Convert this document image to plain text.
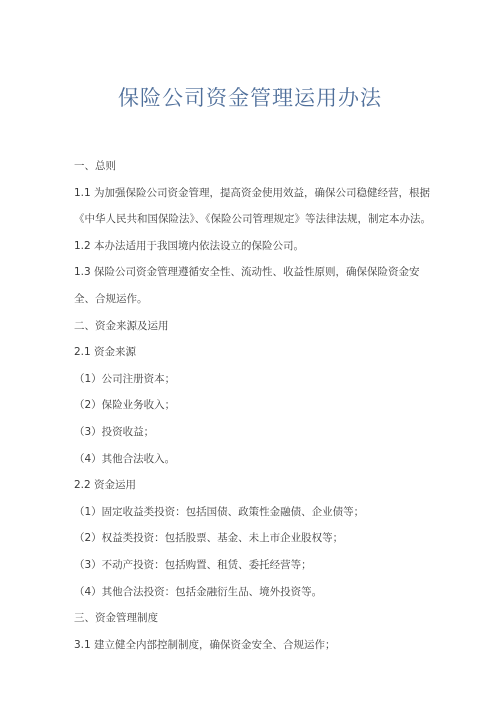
保险公司资金管理运用办法
一、总则
1.1 为加强保险公司资金管理，提高资金使用效益，确保公司稳健经营，根据
《中华人民共和国保险法》、《保险公司管理规定》等法律法规，制定本办法。
1.2 本办法适用于我国境内依法设立的保险公司。
1.3 保险公司资金管理遵循安全性、流动性、收益性原则，确保保险资金安
全、合规运作。
二、资金来源及运用
2.1 资金来源
（1）公司注册资本；
（2）保险业务收入；
（3）投资收益；
（4）其他合法收入。
2.2 资金运用
（1）固定收益类投资：包括国债、政策性金融债、企业债等；
（2）权益类投资：包括股票、基金、未上市企业股权等；
（3）不动产投资：包括购置、租赁、委托经营等；
（4）其他合法投资：包括金融衍生品、境外投资等。
三、资金管理制度
3.1 建立健全内部控制制度，确保资金安全、合规运作；
